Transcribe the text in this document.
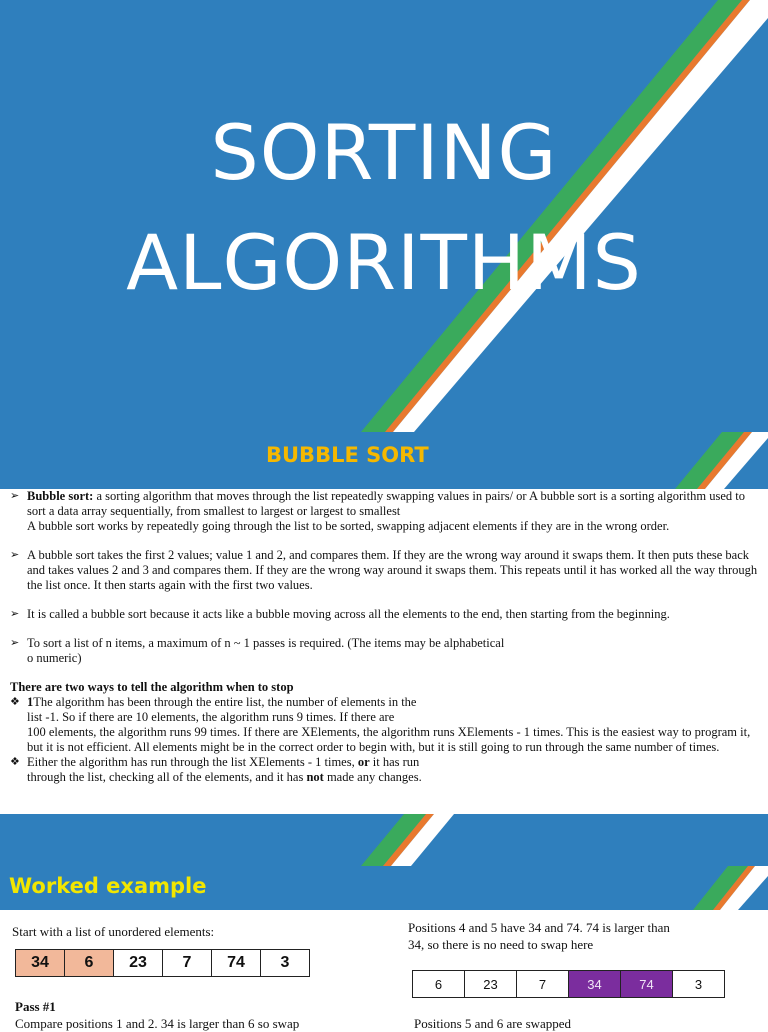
SORTING
ALGORITHMS
BUBBLE SORT
➢ Bubble sort: a sorting algorithm that moves through the list repeatedly swapping values in pairs/ or A bubble sort is a sorting algorithm used to sort a data array sequentially, from smallest to largest or largest to smallest
A bubble sort works by repeatedly going through the list to be sorted, swapping adjacent elements if they are in the wrong order.
➢ A bubble sort takes the first 2 values; value 1 and 2, and compares them. If they are the wrong way around it swaps them. It then puts these back and takes values 2 and 3 and compares them. If they are the wrong way around it swaps them. This repeats until it has worked all the way through the list once. It then starts again with the first two values.
➢ It is called a bubble sort because it acts like a bubble moving across all the elements to the end, then starting from the beginning.
➢ To sort a list of n items, a maximum of n ~ 1 passes is required. (The items may be alphabetical
o numeric)
There are two ways to tell the algorithm when to stop
❖ 1The algorithm has been through the entire list, the number of elements in the
list -1. So if there are 10 elements, the algorithm runs 9 times. If there are
100 elements, the algorithm runs 99 times. If there are XElements, the algorithm runs XElements - 1 times. This is the easiest way to program it, but it is not efficient. All elements might be in the correct order to begin with, but it is still going to run through the same number of times.
❖ Either the algorithm has run through the list XElements - 1 times, or it has run
through the list, checking all of the elements, and it has not made any changes.
Worked example
Start with a list of unordered elements:
34	6	23	7	74	3
Pass #1
Compare positions 1 and 2. 34 is larger than 6 so swap
Positions 4 and 5 have 34 and 74. 74 is larger than
34, so there is no need to swap here
6	23	7	34	74	3
Positions 5 and 6 are swapped
